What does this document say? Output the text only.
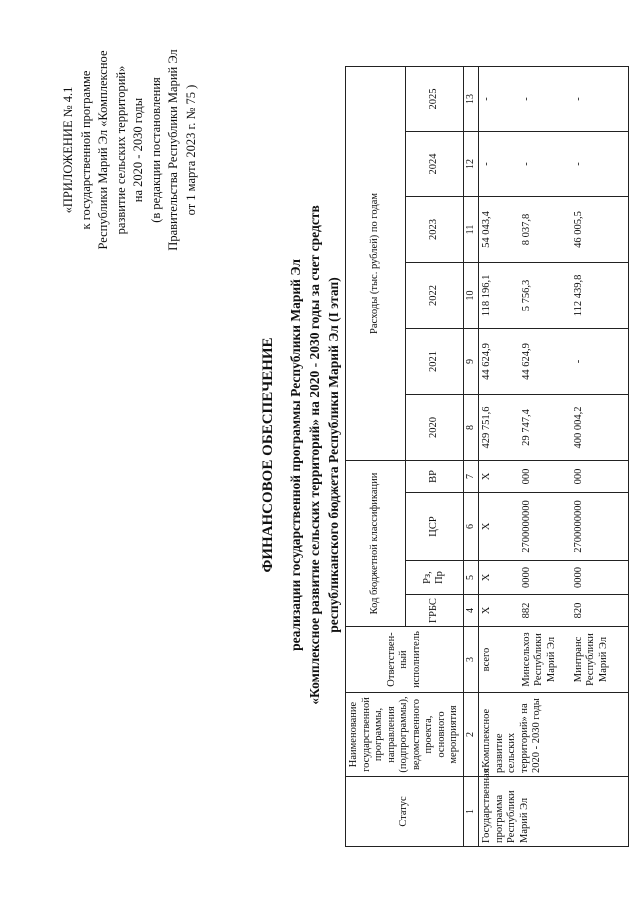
«ПРИЛОЖЕНИЕ № 4.1 к государственной программе Республики Марий Эл «Комплексное развитие сельских территорий» на 2020 - 2030 годы (в редакции постановления Правительства Республики Марий Эл от 1 марта 2023 г. № 75 )
ФИНАНСОВОЕ ОБЕСПЕЧЕНИЕ реализации государственной программы Республики Марий Эл «Комплексное развитие сельских территорий» на 2020 - 2030 годы за счет средств республиканского бюджета Республики Марий Эл (I этап)
Статус	Наименование государственной программы, направления (подпрограммы), ведомственного проекта, основного мероприятия	Ответствен-ный исполнитель	Код бюджетной классификации				Расходы (тыс. рублей) по годам					
			ГРБС	Рз, Пр	ЦСР	ВР	2020	2021	2022	2023	2024	2025
1	2	3	4	5	6	7	8	9	10	11	12	13
Государственная программа Республики Марий Эл	«Комплексное развитие сельских территорий» на 2020 - 2030 годы	всего	Х	Х	Х	Х	429 751,6	44 624,9	118 196,1	54 043,4	-	-
		Минсельхоз Республики Марий Эл	882	0000	2700000000	000	29 747,4	44 624,9	5 756,3	8 037,8	-	-
		Минтранс Республики Марий Эл	820	0000	2700000000	000	400 004,2	-	112 439,8	46 005,5	-	-
